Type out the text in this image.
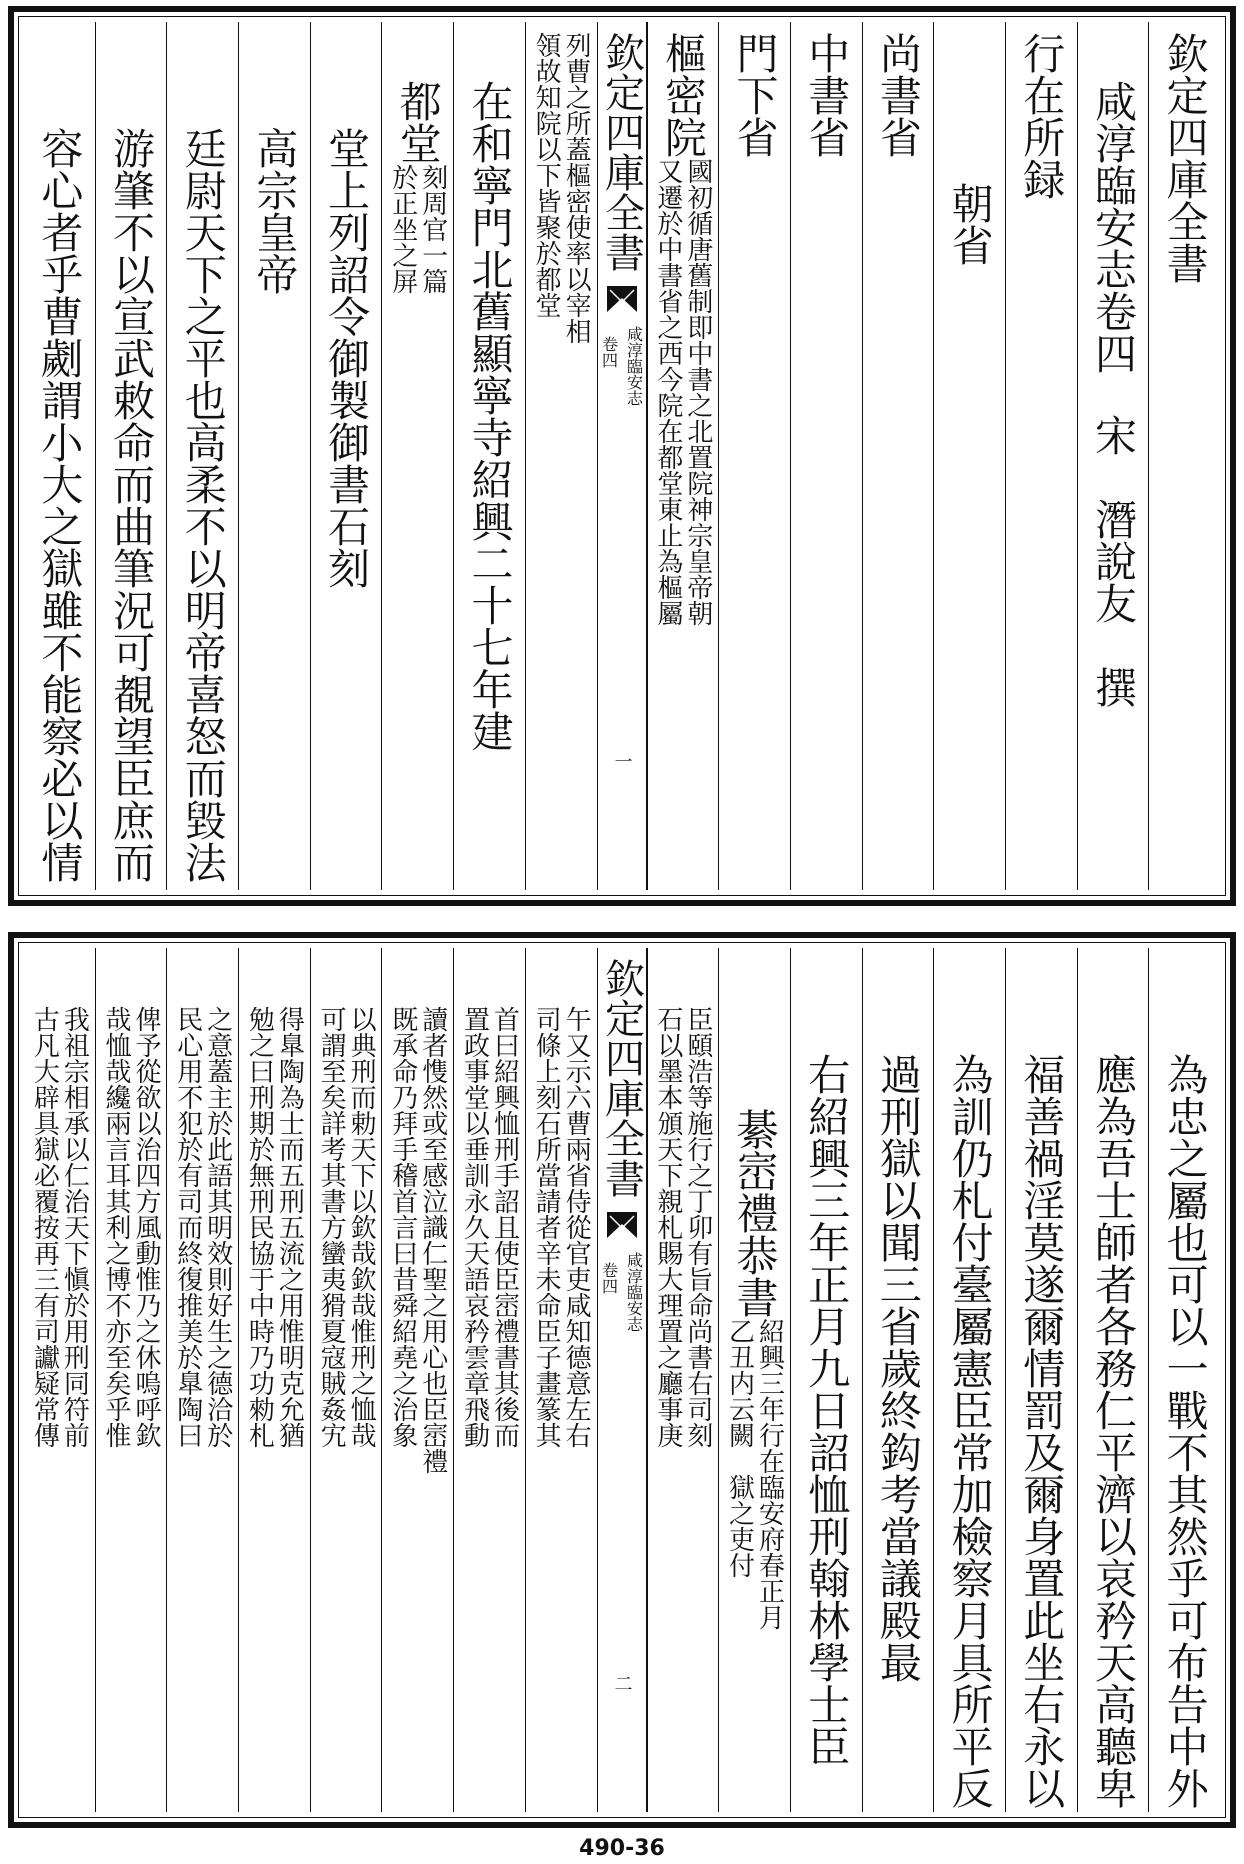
欽定四庫全書
咸淳臨安志卷四
宋　潛說友　撰
行在所録
朝省
尚書省
中書省
門下省
樞密院
國初循唐舊制即中書之北置院神宗皇帝朝
又遷於中書省之西今院在都堂東止為樞屬
欽定四庫全書
咸淳臨安志
卷四
一
列曹之所蓋樞密使率以宰相
領故知院以下皆聚於都堂
在和寧門北舊顯寧寺紹興二十七年建
都堂
刻周官一篇
於正坐之屏
堂上列詔令御製御書石刻
高宗皇帝
廷尉天下之平也高柔不以明帝喜怒而毀法
游肇不以宣武敕命而曲筆況可覩望臣庶而
容心者乎曹劌謂小大之獄雖不能察必以情
為忠之屬也可以一戰不其然乎可布告中外
應為吾士師者各務仁平濟以哀矜天高聽卑
福善禍淫莫遂爾情罰及爾身置此坐右永以
為訓仍札付臺屬憲臣常加檢察月具所平反
過刑獄以聞三省歲終鈎考當議殿最
右紹興三年正月九日詔恤刑翰林學士臣
綦崈禮恭書
紹興三年行在臨安府春正月
乙丑内云闕　獄之吏付
臣頤浩等施行之丁卯有旨命尚書右司刻
石以墨本頒天下親札賜大理置之廳事庚
欽定四庫全書
咸淳臨安志
卷四
二
午又示六曹兩省侍從官吏咸知德意左右
司條上刻石所當請者辛未命臣子畫篆其
首曰紹興恤刑手詔且使臣崈禮書其後而
置政事堂以垂訓永久天語哀矜雲章飛動
讀者愯然或至感泣識仁聖之用心也臣崈禮
既承命乃拜手稽首言曰昔舜紹堯之治象
以典刑而勅天下以欽哉欽哉惟刑之恤哉
可謂至矣詳考其書方蠻夷猾夏寇賊姦宄
得臯陶為士而五刑五流之用惟明克允猶
勉之曰刑期於無刑民協于中時乃功勑札
之意蓋主於此語其明效則好生之德洽於
民心用不犯於有司而終復推美於臯陶曰
俾予從欲以治四方風動惟乃之休嗚呼欽
哉恤哉纔兩言耳其利之博不亦至矣乎惟
我祖宗相承以仁治天下愼於用刑同符前
古凡大辟具獄必覆按再三有司讞疑常傳
490-36
